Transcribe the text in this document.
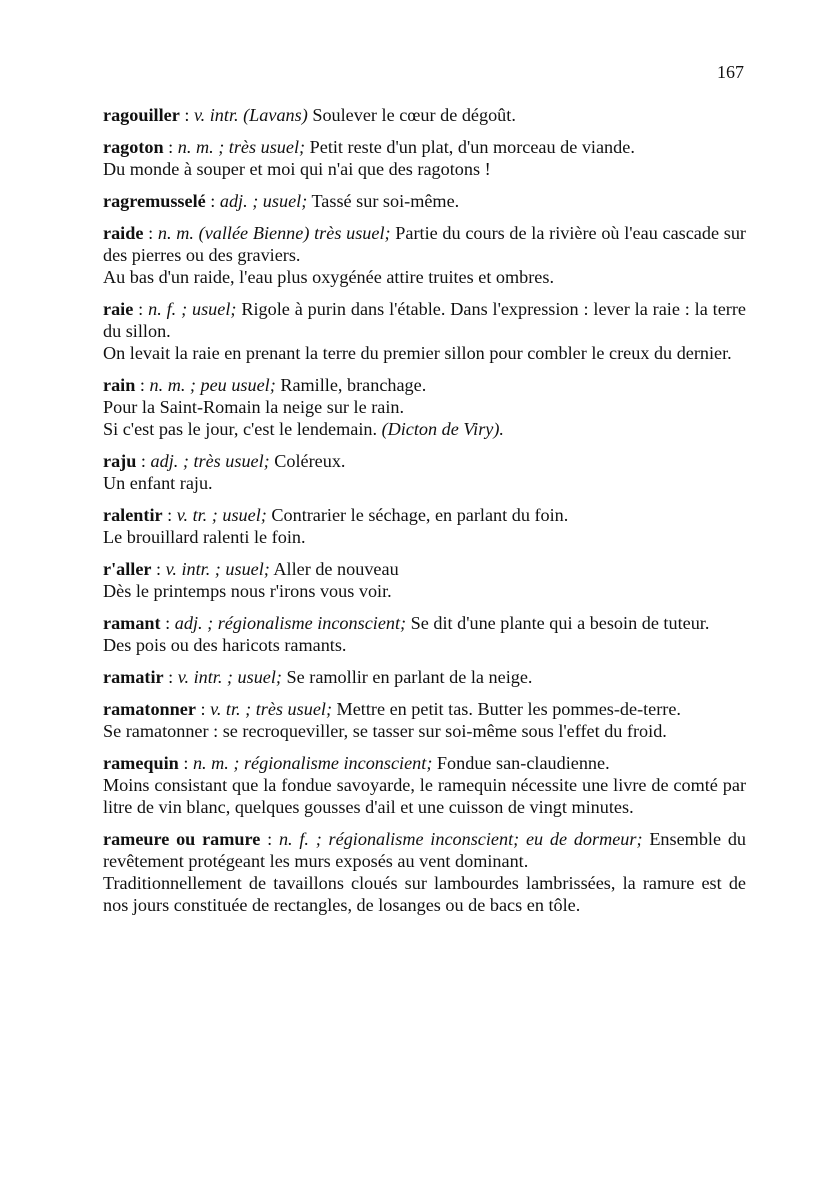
167

ragouiller : v. intr. (Lavans) Soulever le cœur de dégoût.

ragoton : n. m. ; très usuel; Petit reste d'un plat, d'un morceau de viande.

Du monde à souper et moi qui n'ai que des ragotons !

ragremusselé : adj. ; usuel; Tassé sur soi-même.

raide : n. m. (vallée Bienne) très usuel; Partie du cours de la rivière où l'eau cascade sur des pierres ou des graviers.

Au bas d'un raide, l'eau plus oxygénée attire truites et ombres.

raie : n. f. ; usuel; Rigole à purin dans l'étable. Dans l'expression : lever la raie : la terre du sillon.

On levait la raie en prenant la terre du premier sillon pour combler le creux du dernier.

rain : n. m. ; peu usuel; Ramille, branchage.

Pour la Saint-Romain la neige sur le rain.

Si c'est pas le jour, c'est le lendemain. (Dicton de Viry).

raju : adj. ; très usuel; Coléreux.

Un enfant raju.

ralentir : v. tr. ; usuel; Contrarier le séchage, en parlant du foin.

Le brouillard ralenti le foin.

r'aller : v. intr. ; usuel; Aller de nouveau

Dès le printemps nous r'irons vous voir.

ramant : adj. ; régionalisme inconscient; Se dit d'une plante qui a besoin de tuteur.

Des pois ou des haricots ramants.

ramatir : v. intr. ; usuel; Se ramollir en parlant de la neige.

ramatonner : v. tr. ; très usuel; Mettre en petit tas. Butter les pommes-de-terre.

Se ramatonner : se recroqueviller, se tasser sur soi-même sous l'effet du froid.

ramequin : n. m. ; régionalisme inconscient; Fondue san-claudienne.

Moins consistant que la fondue savoyarde, le ramequin nécessite une livre de comté par litre de vin blanc, quelques gousses d'ail et une cuisson de vingt minutes.

rameure ou ramure : n. f. ; régionalisme inconscient; eu de dormeur; Ensemble du revêtement protégeant les murs exposés au vent dominant.

Traditionnellement de tavaillons cloués sur lambourdes lambrissées, la ramure est de nos jours constituée de rectangles, de losanges ou de bacs en tôle.
